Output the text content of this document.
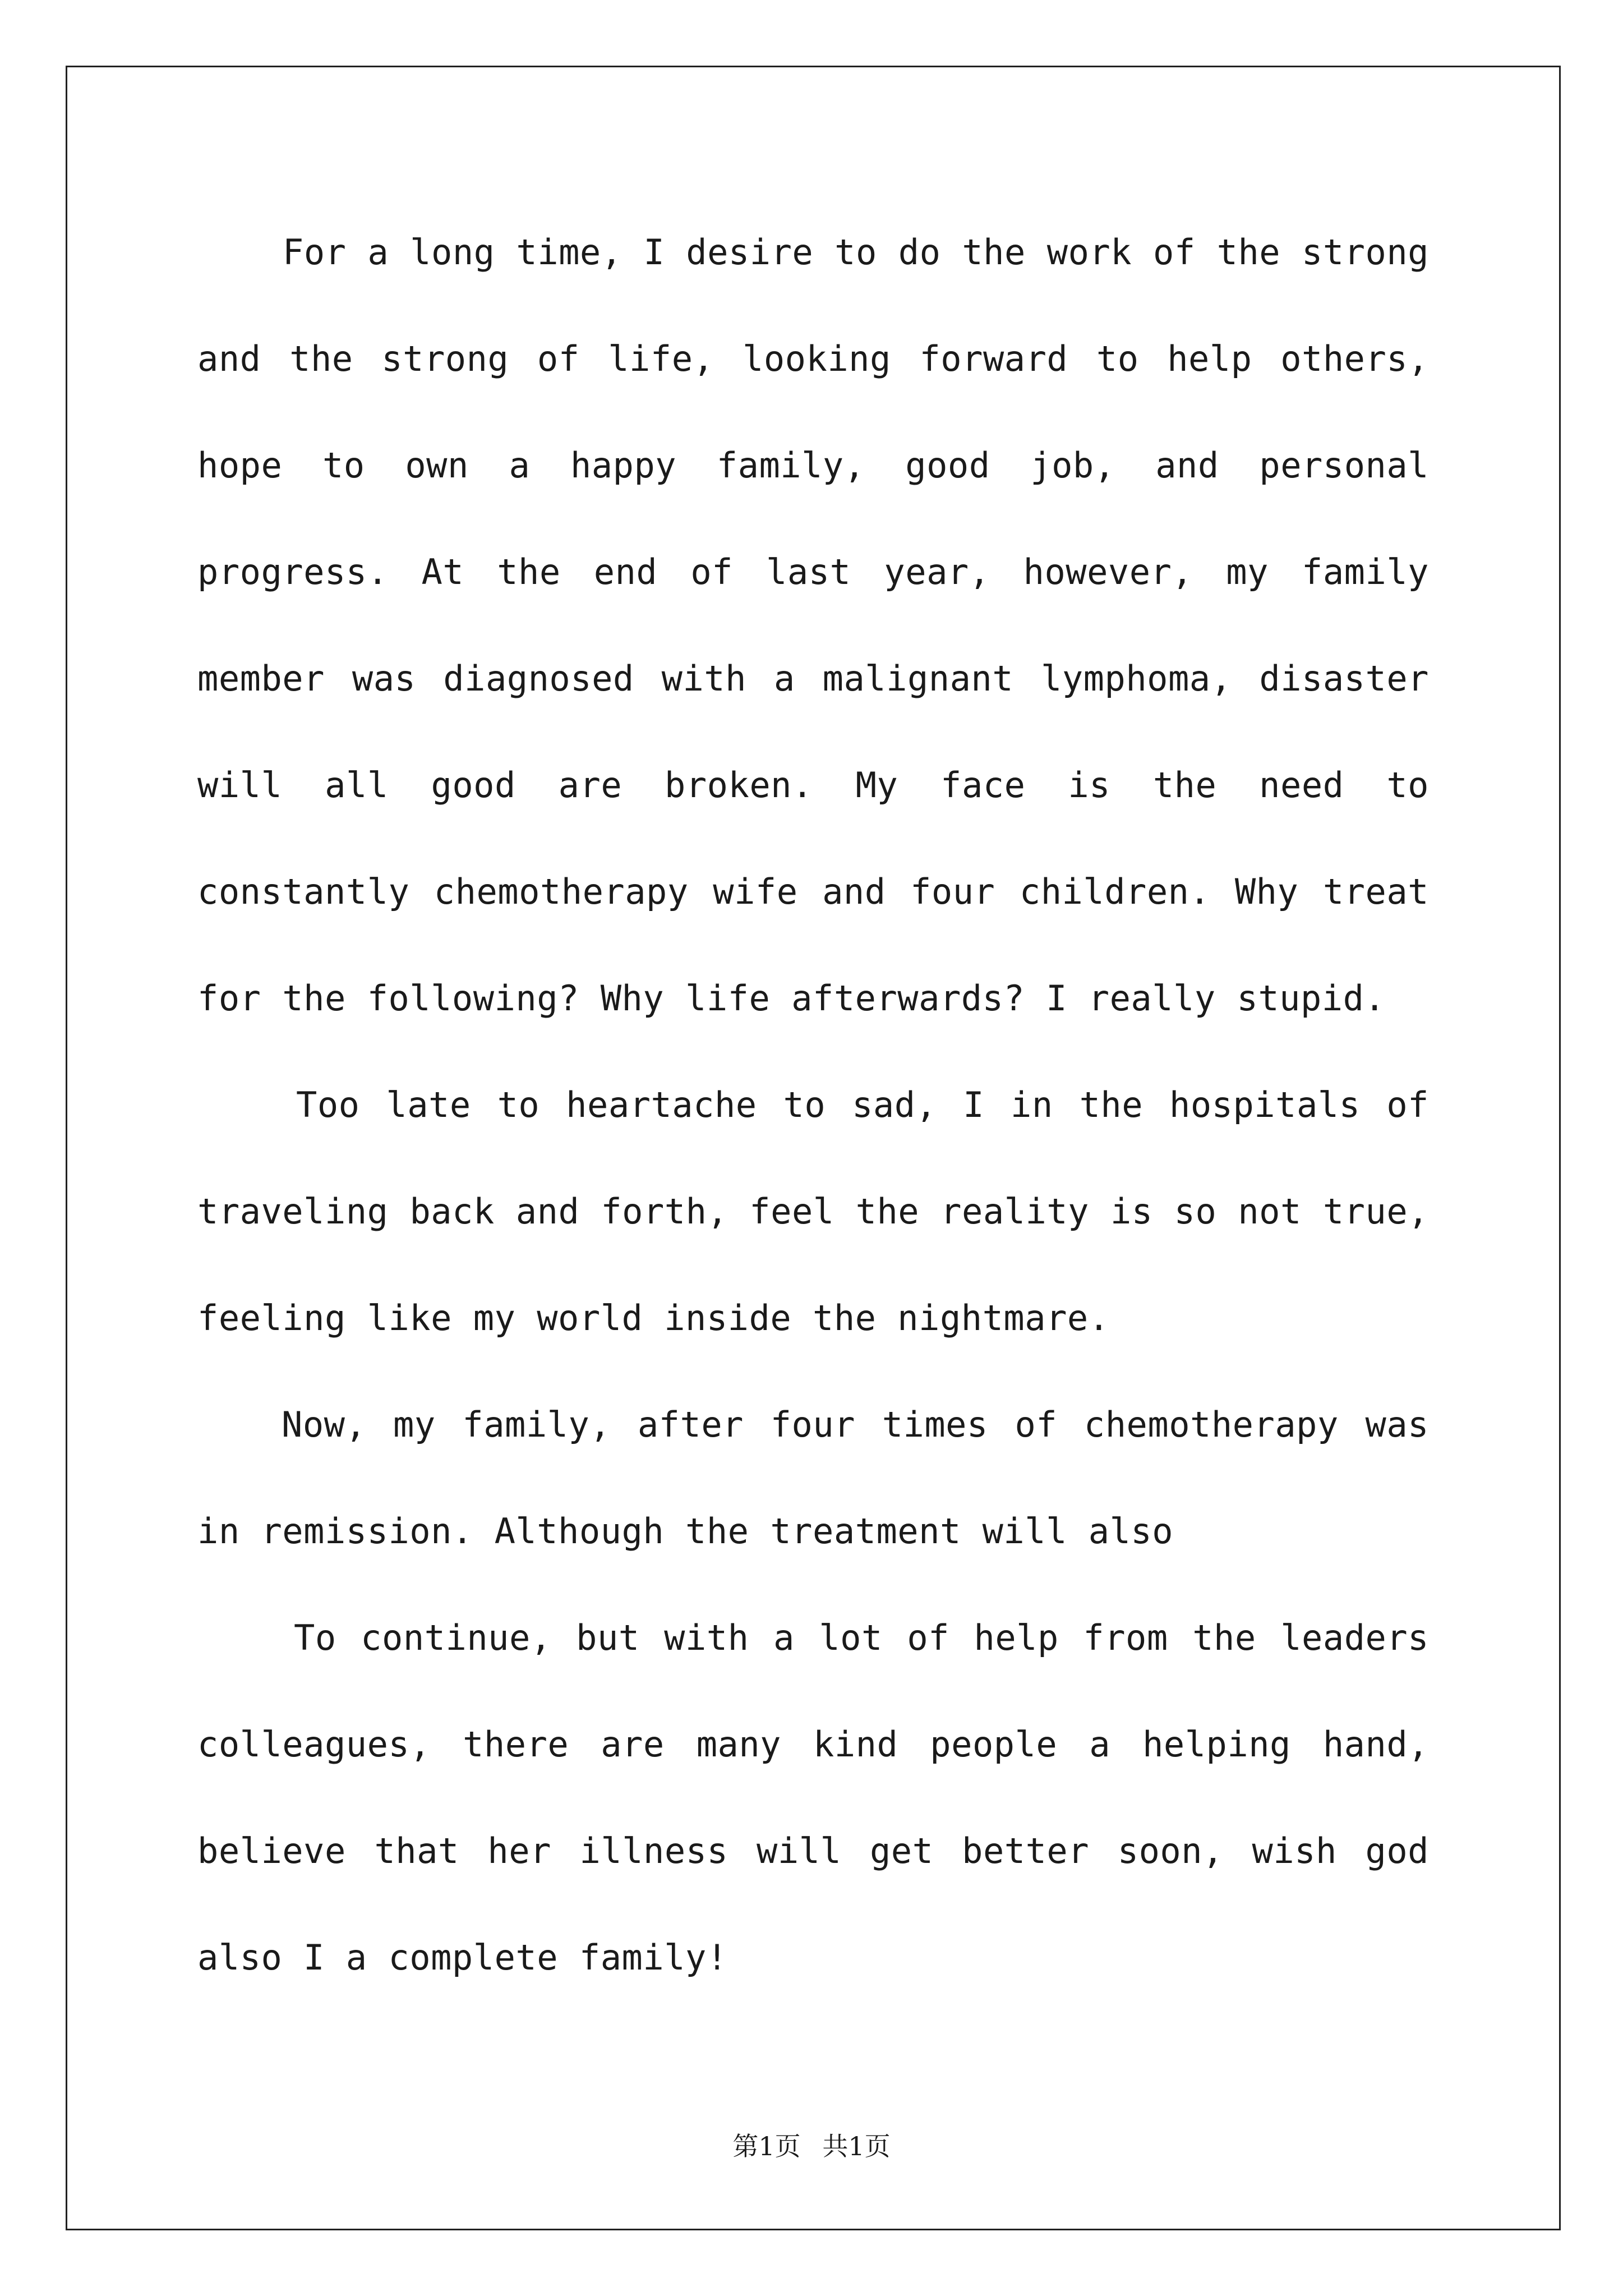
For a long time, I desire to do the work of the strong and the strong of life, looking forward to help others, hope to own a happy family, good job, and personal progress. At the end of last year, however, my family member was diagnosed with a malignant lymphoma, disaster will all good are broken. My face is the need to constantly chemotherapy wife and four children. Why treat for the following? Why life afterwards? I really stupid.

Too late to heartache to sad, I in the hospitals of traveling back and forth, feel the reality is so not true, feeling like my world inside the nightmare.

Now, my family, after four times of chemotherapy was in remission. Although the treatment will also

To continue, but with a lot of help from the leaders colleagues, there are many kind people a helping hand, believe that her illness will get better soon, wish god also I a complete family!

第1页 共1页
